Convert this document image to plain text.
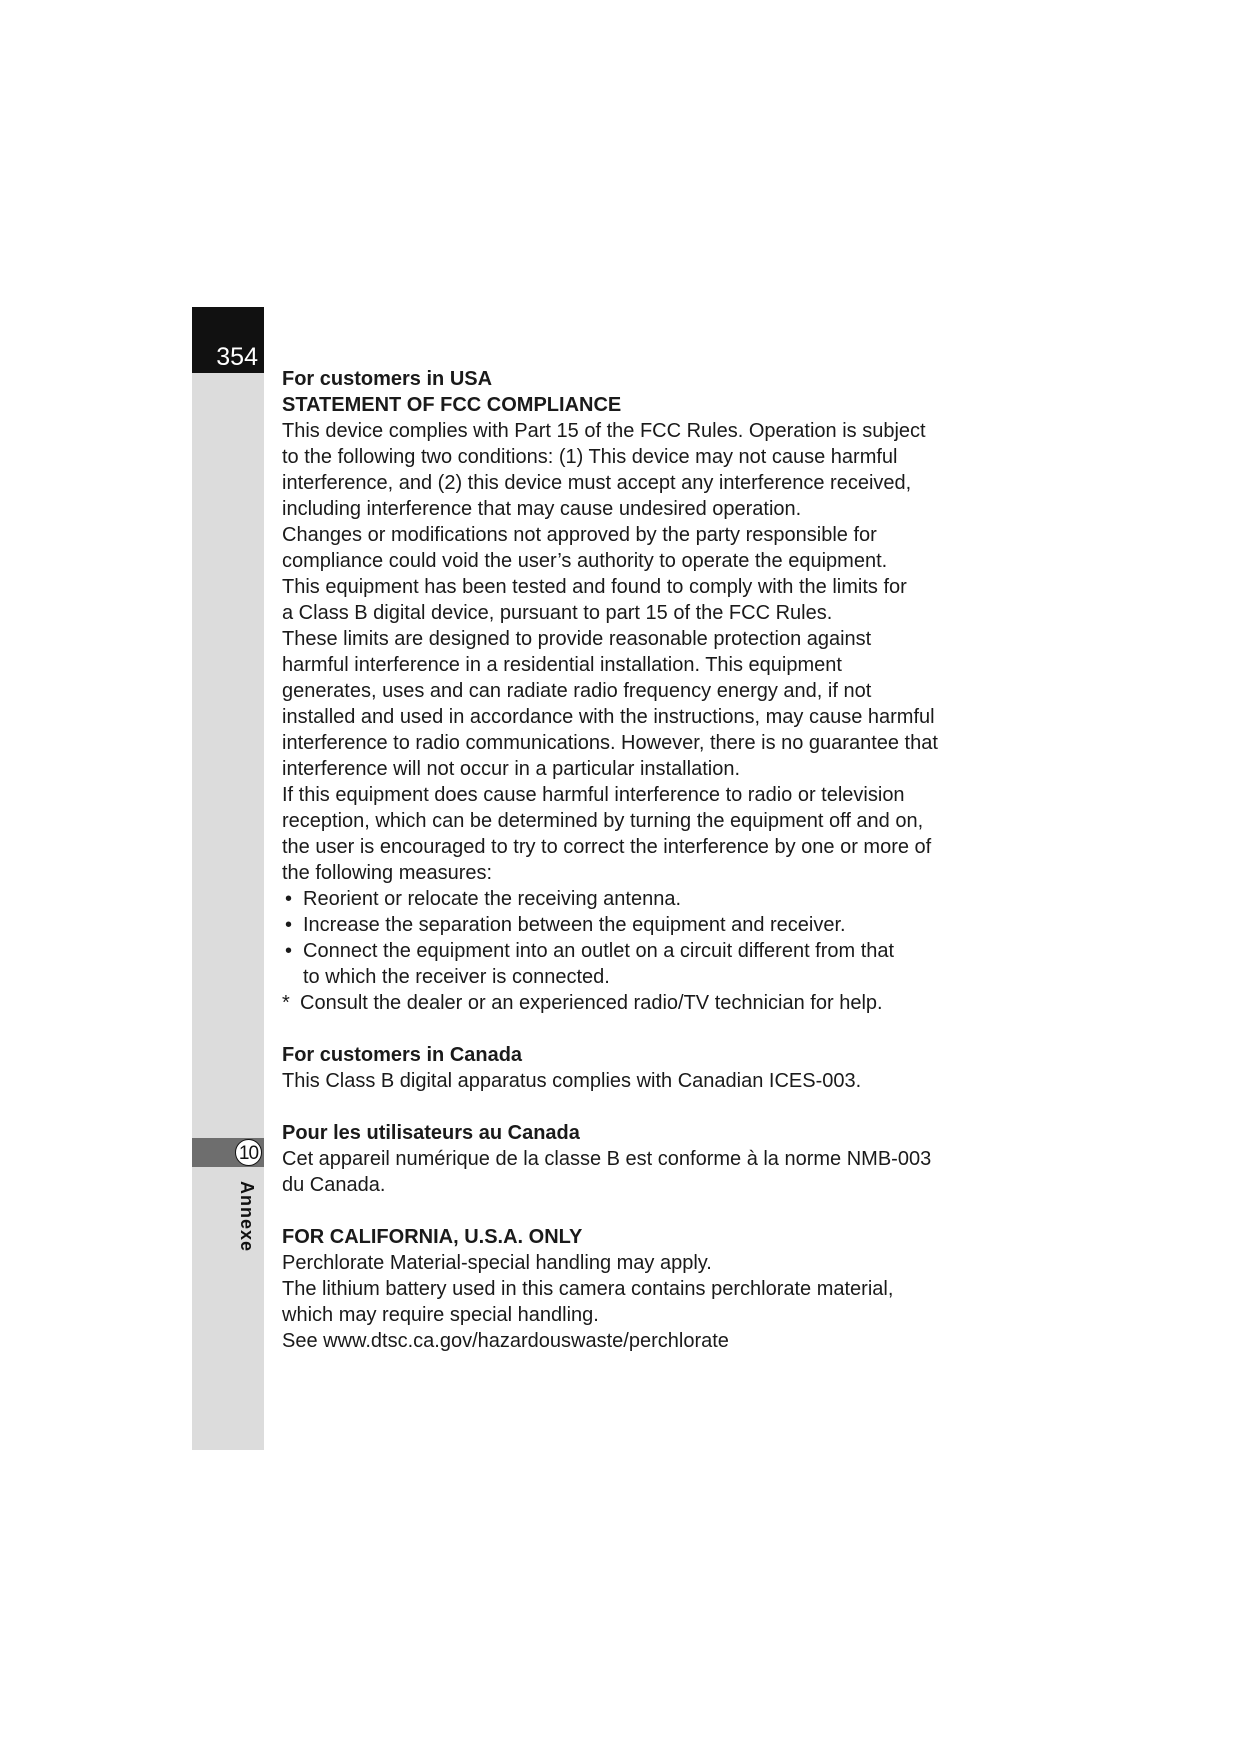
354
10
Annexe

For customers in USA

STATEMENT OF FCC COMPLIANCE

This device complies with Part 15 of the FCC Rules. Operation is subject

to the following two conditions: (1) This device may not cause harmful

interference, and (2) this device must accept any interference received,

including interference that may cause undesired operation.

Changes or modifications not approved by the party responsible for

compliance could void the user’s authority to operate the equipment.

This equipment has been tested and found to comply with the limits for

a Class B digital device, pursuant to part 15 of the FCC Rules.

These limits are designed to provide reasonable protection against

harmful interference in a residential installation. This equipment

generates, uses and can radiate radio frequency energy and, if not

installed and used in accordance with the instructions, may cause harmful

interference to radio communications. However, there is no guarantee that

interference will not occur in a particular installation.

If this equipment does cause harmful interference to radio or television

reception, which can be determined by turning the equipment off and on,

the user is encouraged to try to correct the interference by one or more of

the following measures:

• Reorient or relocate the receiving antenna.
• Increase the separation between the equipment and receiver.
• Connect the equipment into an outlet on a circuit different from that
to which the receiver is connected.
* Consult the dealer or an experienced radio/TV technician for help.

For customers in Canada

This Class B digital apparatus complies with Canadian ICES-003.

Pour les utilisateurs au Canada

Cet appareil numérique de la classe B est conforme à la norme NMB-003

du Canada.

FOR CALIFORNIA, U.S.A. ONLY

Perchlorate Material-special handling may apply.

The lithium battery used in this camera contains perchlorate material,

which may require special handling.

See www.dtsc.ca.gov/hazardouswaste/perchlorate
